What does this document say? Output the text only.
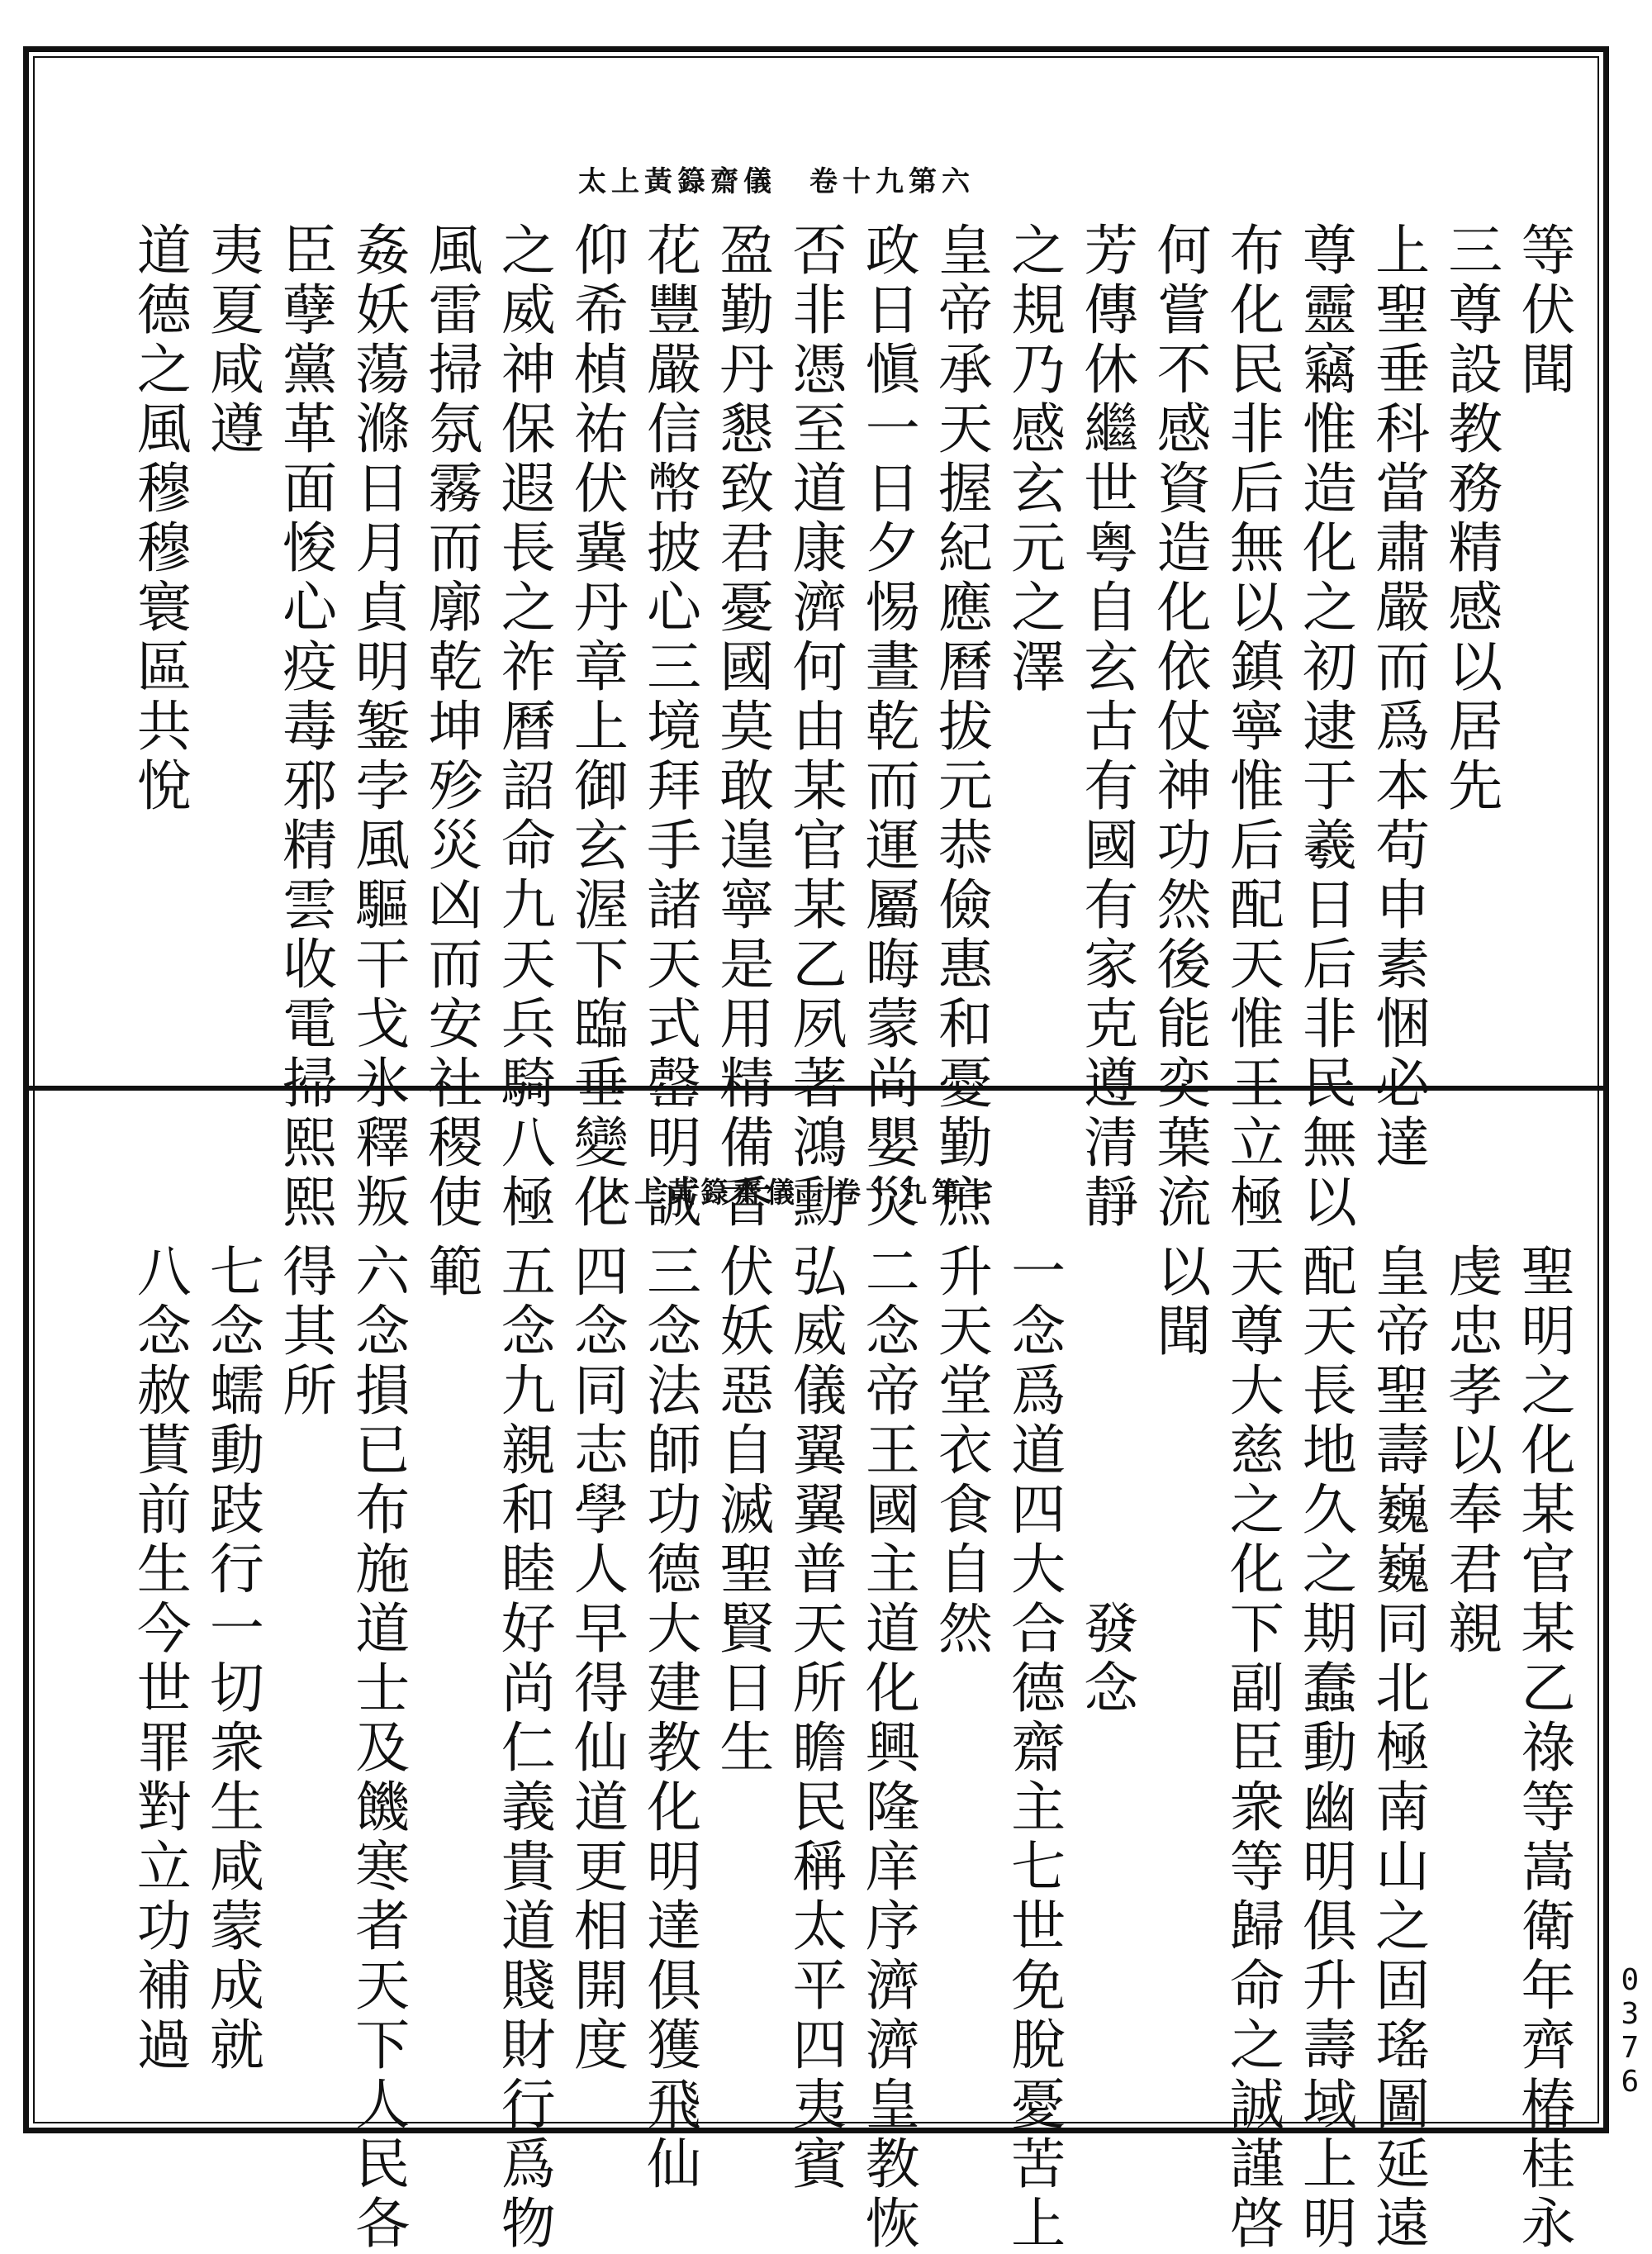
太上黃籙齋儀　卷十九第六
等伏聞
三尊設教務精感以居先
上聖垂科當肅嚴而爲本苟申素悃必達
尊靈竊惟造化之初逮于羲日后非民無以
布化民非后無以鎮寧惟后配天惟王立極
何嘗不感資造化依仗神功然後能奕葉流
芳傳休繼世粤自玄古有國有家克遵清靜
之規乃感玄元之澤
皇帝承天握紀應曆拔元恭儉惠和憂勤庶
政日愼一日夕惕晝乾而運屬晦蒙尚嬰災
否非憑至道康濟何由某官某乙夙著鴻勳
盈勤丹懇致君憂國莫敢遑寧是用精備香
花豐嚴信幣披心三境拜手諸天式罄明誠
仰希楨祐伏冀丹章上御玄渥下臨垂變化
之威神保遐長之祚曆詔命九天兵騎八極
風雷掃氛霧而廓乾坤殄災凶而安社稷使
姦妖蕩滌日月貞明錾孛風驅干戈氷釋叛
臣孽黨革面悛心疫毒邪精雲收電掃熙熙
夷夏咸遵
道德之風穆穆寰區共悅
太上黃籙齋儀　卷十九第七
聖明之化某官某乙祿等嵩衛年齊椿桂永
虔忠孝以奉君親
皇帝聖壽巍巍同北極南山之固瑤圖延遠
配天長地久之期蠢動幽明俱升壽域上明
天尊大慈之化下副臣衆等歸命之誠謹啓
以聞
　　　　　　發念
一念爲道四大合德齋主七世免脫憂苦上
升天堂衣食自然
二念帝王國主道化興隆庠序濟濟皇教恢
弘威儀翼翼普天所瞻民稱太平四夷賓
伏妖惡自滅聖賢日生
三念法師功德大建教化明達俱獲飛仙
四念同志學人早得仙道更相開度
五念九親和睦好尚仁義貴道賤財行爲物
範
六念損已布施道士及饑寒者天下人民各
得其所
七念蠕動跂行一切衆生咸蒙成就
八念赦貰前生今世罪對立功補過	0376
